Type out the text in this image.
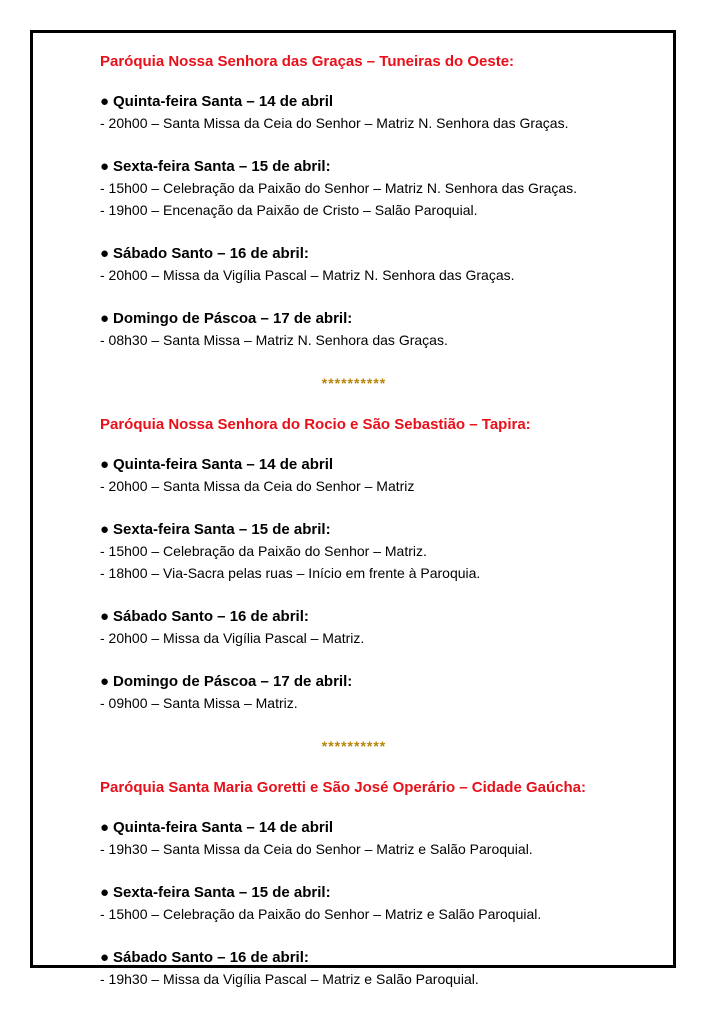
Paróquia Nossa Senhora das Graças – Tuneiras do Oeste:
● Quinta-feira Santa – 14 de abril
- 20h00 – Santa Missa da Ceia do Senhor – Matriz N. Senhora das Graças.
● Sexta-feira Santa – 15 de abril:
- 15h00 – Celebração da Paixão do Senhor – Matriz N. Senhora das Graças.
- 19h00 – Encenação da Paixão de Cristo – Salão Paroquial.
● Sábado Santo – 16 de abril:
- 20h00 – Missa da Vigília Pascal – Matriz N. Senhora das Graças.
● Domingo de Páscoa – 17 de abril:
- 08h30 – Santa Missa – Matriz N. Senhora das Graças.
**********
Paróquia Nossa Senhora do Rocio e São Sebastião – Tapira:
● Quinta-feira Santa – 14 de abril
- 20h00 – Santa Missa da Ceia do Senhor – Matriz
● Sexta-feira Santa – 15 de abril:
- 15h00 – Celebração da Paixão do Senhor – Matriz.
- 18h00 – Via-Sacra pelas ruas – Início em frente à Paroquia.
● Sábado Santo – 16 de abril:
- 20h00 – Missa da Vigília Pascal – Matriz.
● Domingo de Páscoa – 17 de abril:
- 09h00 – Santa Missa – Matriz.
**********
Paróquia Santa Maria Goretti e São José Operário – Cidade Gaúcha:
● Quinta-feira Santa – 14 de abril
- 19h30 – Santa Missa da Ceia do Senhor – Matriz e Salão Paroquial.
● Sexta-feira Santa – 15 de abril:
- 15h00 – Celebração da Paixão do Senhor – Matriz e Salão Paroquial.
● Sábado Santo – 16 de abril:
- 19h30 – Missa da Vigília Pascal – Matriz e Salão Paroquial.
